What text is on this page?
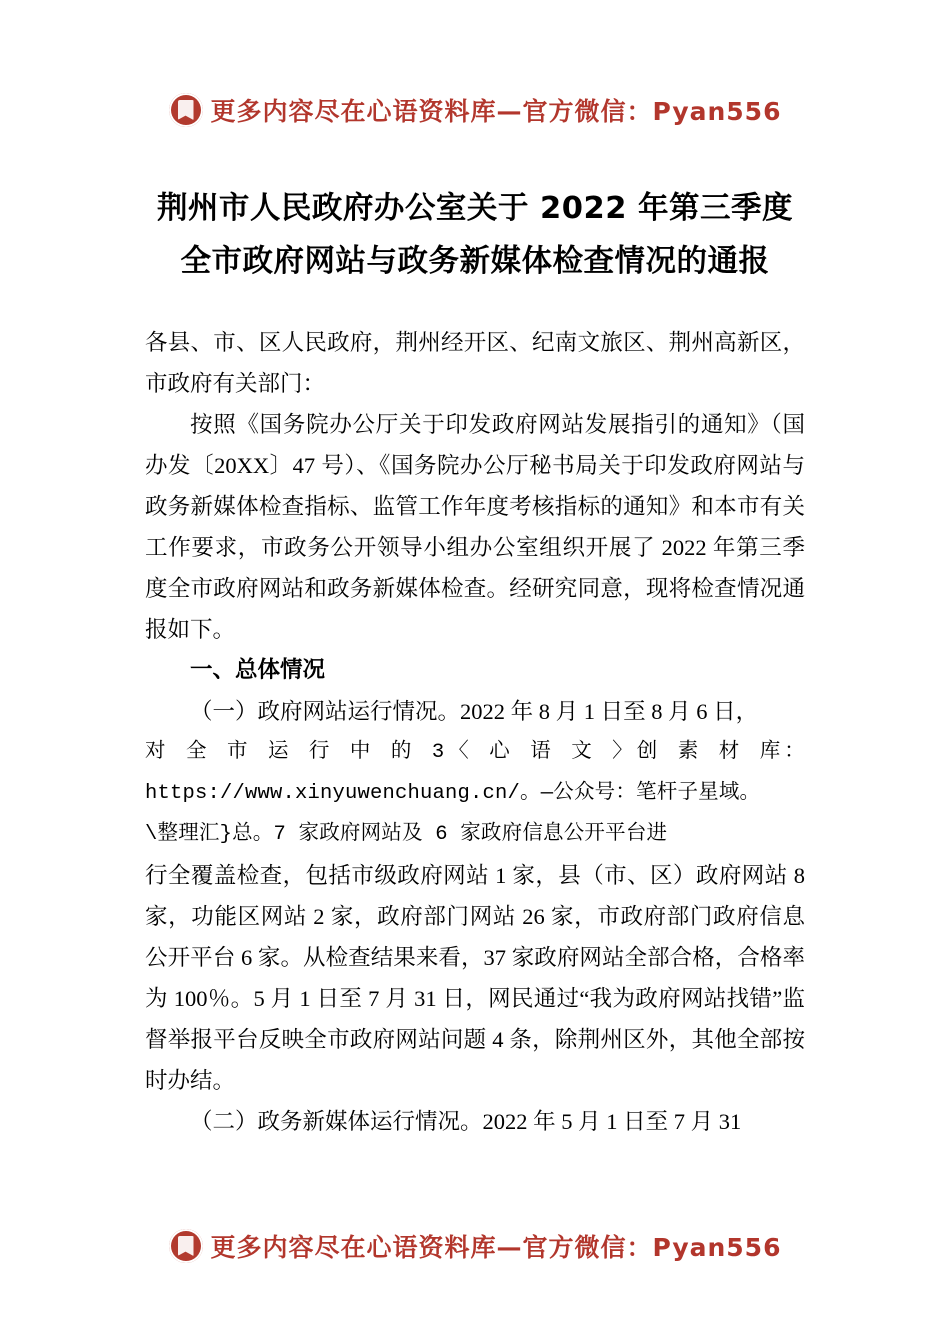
更多内容尽在心语资料库—官方微信：Pyan556
荆州市人民政府办公室关于 2022 年第三季度全市政府网站与政务新媒体检查情况的通报

各县、市、区人民政府，荆州经开区、纪南文旅区、荆州高新区，市政府有关部门：

按照《国务院办公厅关于印发政府网站发展指引的通知》（国办发〔20XX〕47 号）、《国务院办公厅秘书局关于印发政府网站与政务新媒体检查指标、监管工作年度考核指标的通知》和本市有关工作要求，市政务公开领导小组办公室组织开展了 2022 年第三季度全市政府网站和政务新媒体检查。经研究同意，现将检查情况通报如下。

一、总体情况

（一）政府网站运行情况。2022 年 8 月 1 日至 8 月 6 日，

对 全 市 运 行 中 的 3〈 心 语 文 〉创 素 材 库：

https://www.xinyuwenchuang.cn/。—公众号：笔杆子星域。

\整理汇}总。7 家政府网站及 6 家政府信息公开平台进

行全覆盖检查，包括市级政府网站 1 家，县（市、区）政府网站 8 家，功能区网站 2 家，政府部门网站 26 家，市政府部门政府信息公开平台 6 家。从检查结果来看，37 家政府网站全部合格，合格率为 100％。5 月 1 日至 7 月 31 日，网民通过“我为政府网站找错”监督举报平台反映全市政府网站问题 4 条，除荆州区外，其他全部按时办结。

（二）政务新媒体运行情况。2022 年 5 月 1 日至 7 月 31

更多内容尽在心语资料库—官方微信：Pyan556
